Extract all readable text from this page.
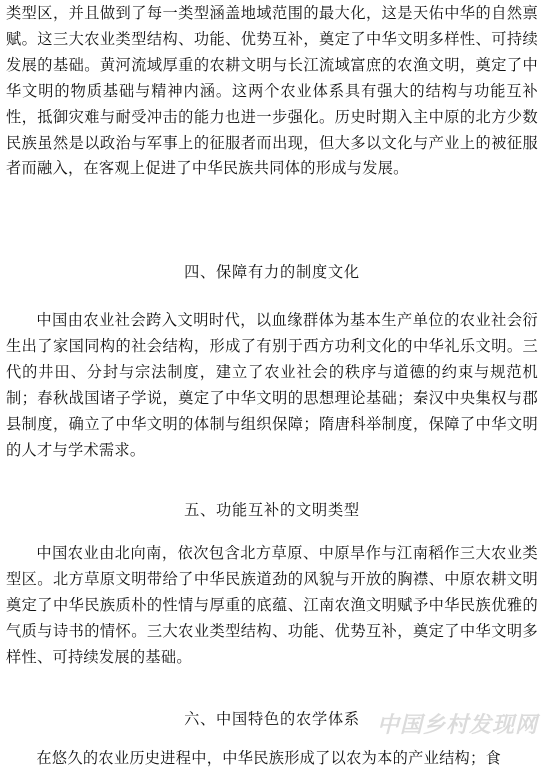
类型区，并且做到了每一类型涵盖地域范围的最大化，这是天佑中华的自然禀赋。这三大农业类型结构、功能、优势互补，奠定了中华文明多样性、可持续发展的基础。黄河流域厚重的农耕文明与长江流域富庶的农渔文明，奠定了中华文明的物质基础与精神内涵。这两个农业体系具有强大的结构与功能互补性，抵御灾难与耐受冲击的能力也进一步强化。历史时期入主中原的北方少数民族虽然是以政治与军事上的征服者而出现，但大多以文化与产业上的被征服者而融入，在客观上促进了中华民族共同体的形成与发展。

四、保障有力的制度文化

中国由农业社会跨入文明时代，以血缘群体为基本生产单位的农业社会衍生出了家国同构的社会结构，形成了有别于西方功利文化的中华礼乐文明。三代的井田、分封与宗法制度，建立了农业社会的秩序与道德的约束与规范机制；春秋战国诸子学说，奠定了中华文明的思想理论基础；秦汉中央集权与郡县制度，确立了中华文明的体制与组织保障；隋唐科举制度，保障了中华文明的人才与学术需求。

五、功能互补的文明类型

中国农业由北向南，依次包含北方草原、中原旱作与江南稻作三大农业类型区。北方草原文明带给了中华民族道劲的风貌与开放的胸襟、中原农耕文明奠定了中华民族质朴的性情与厚重的底蕴、江南农渔文明赋予中华民族优雅的气质与诗书的情怀。三大农业类型结构、功能、优势互补，奠定了中华文明多样性、可持续发展的基础。

六、中国特色的农学体系

在悠久的农业历史进程中，中华民族形成了以农为本的产业结构；食

中国乡村发现网
